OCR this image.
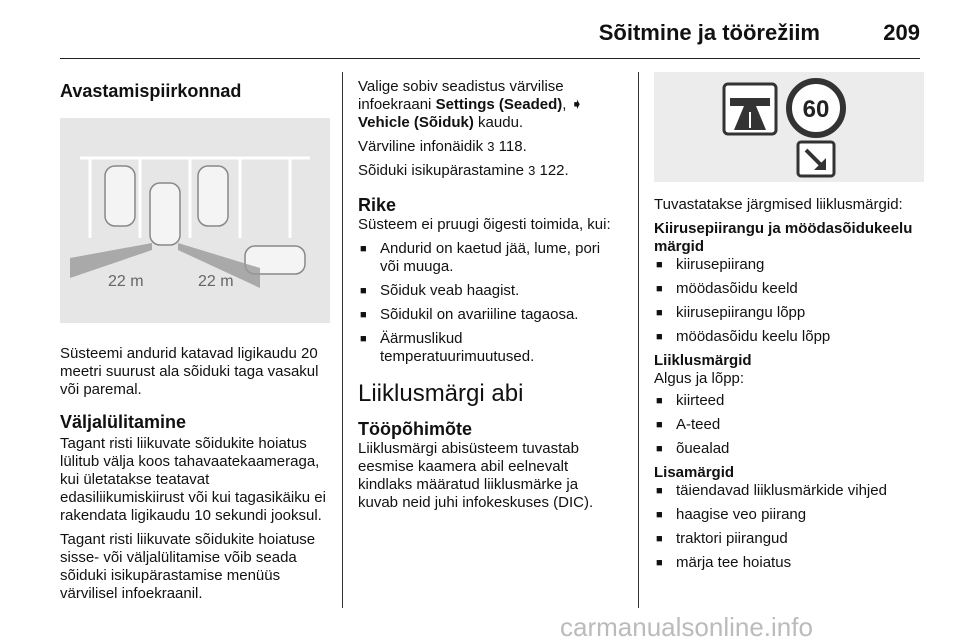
Sõitmine ja töörežiim	209
Avastamispiirkonnad
22 m	22 m

Süsteemi andurid katavad ligikaudu 20 meetri suurust ala sõiduki taga vasakul või paremal.

Väljalülitamine

Tagant risti liikuvate sõidukite hoiatus lülitub välja koos tahavaatekaameraga, kui ületatakse teatavat edasiliikumiskiirust või kui tagasikäiku ei rakendata ligikaudu 10 sekundi jooksul.

Tagant risti liikuvate sõidukite hoiatuse sisse- või väljalülitamise võib seada sõiduki isikupärastamise menüüs värvilisel infoekraanil.

Valige sobiv seadistus värvilise infoekraani Settings (Seaded), ➧ Vehicle (Sõiduk) kaudu.

Värviline infonäidik 3 118.

Sõiduki isikupärastamine 3 122.

Rike

Süsteem ei pruugi õigesti toimida, kui:

■ Andurid on kaetud jää, lume, pori või muuga.
■ Sõiduk veab haagist.
■ Sõidukil on avariiline tagaosa.
■ Äärmuslikud temperatuurimuutused.
Liiklusmärgi abi
Tööpõhimõte

Liiklusmärgi abisüsteem tuvastab eesmise kaamera abil eelnevalt kindlaks määratud liiklusmärke ja kuvab neid juhi infokeskuses (DIC).

60

Tuvastatakse järgmised liiklusmärgid:

Kiirusepiirangu ja möödasõidukeelu märgid

■ kiirusepiirang
■ möödasõidu keeld
■ kiirusepiirangu lõpp
■ möödasõidu keelu lõpp

Liiklusmärgid

Algus ja lõpp:

■ kiirteed
■ A-teed
■ õuealad

Lisamärgid

■ täiendavad liiklusmärkide vihjed
■ haagise veo piirang
■ traktori piirangud
■ märja tee hoiatus
carmanualsonline.info
